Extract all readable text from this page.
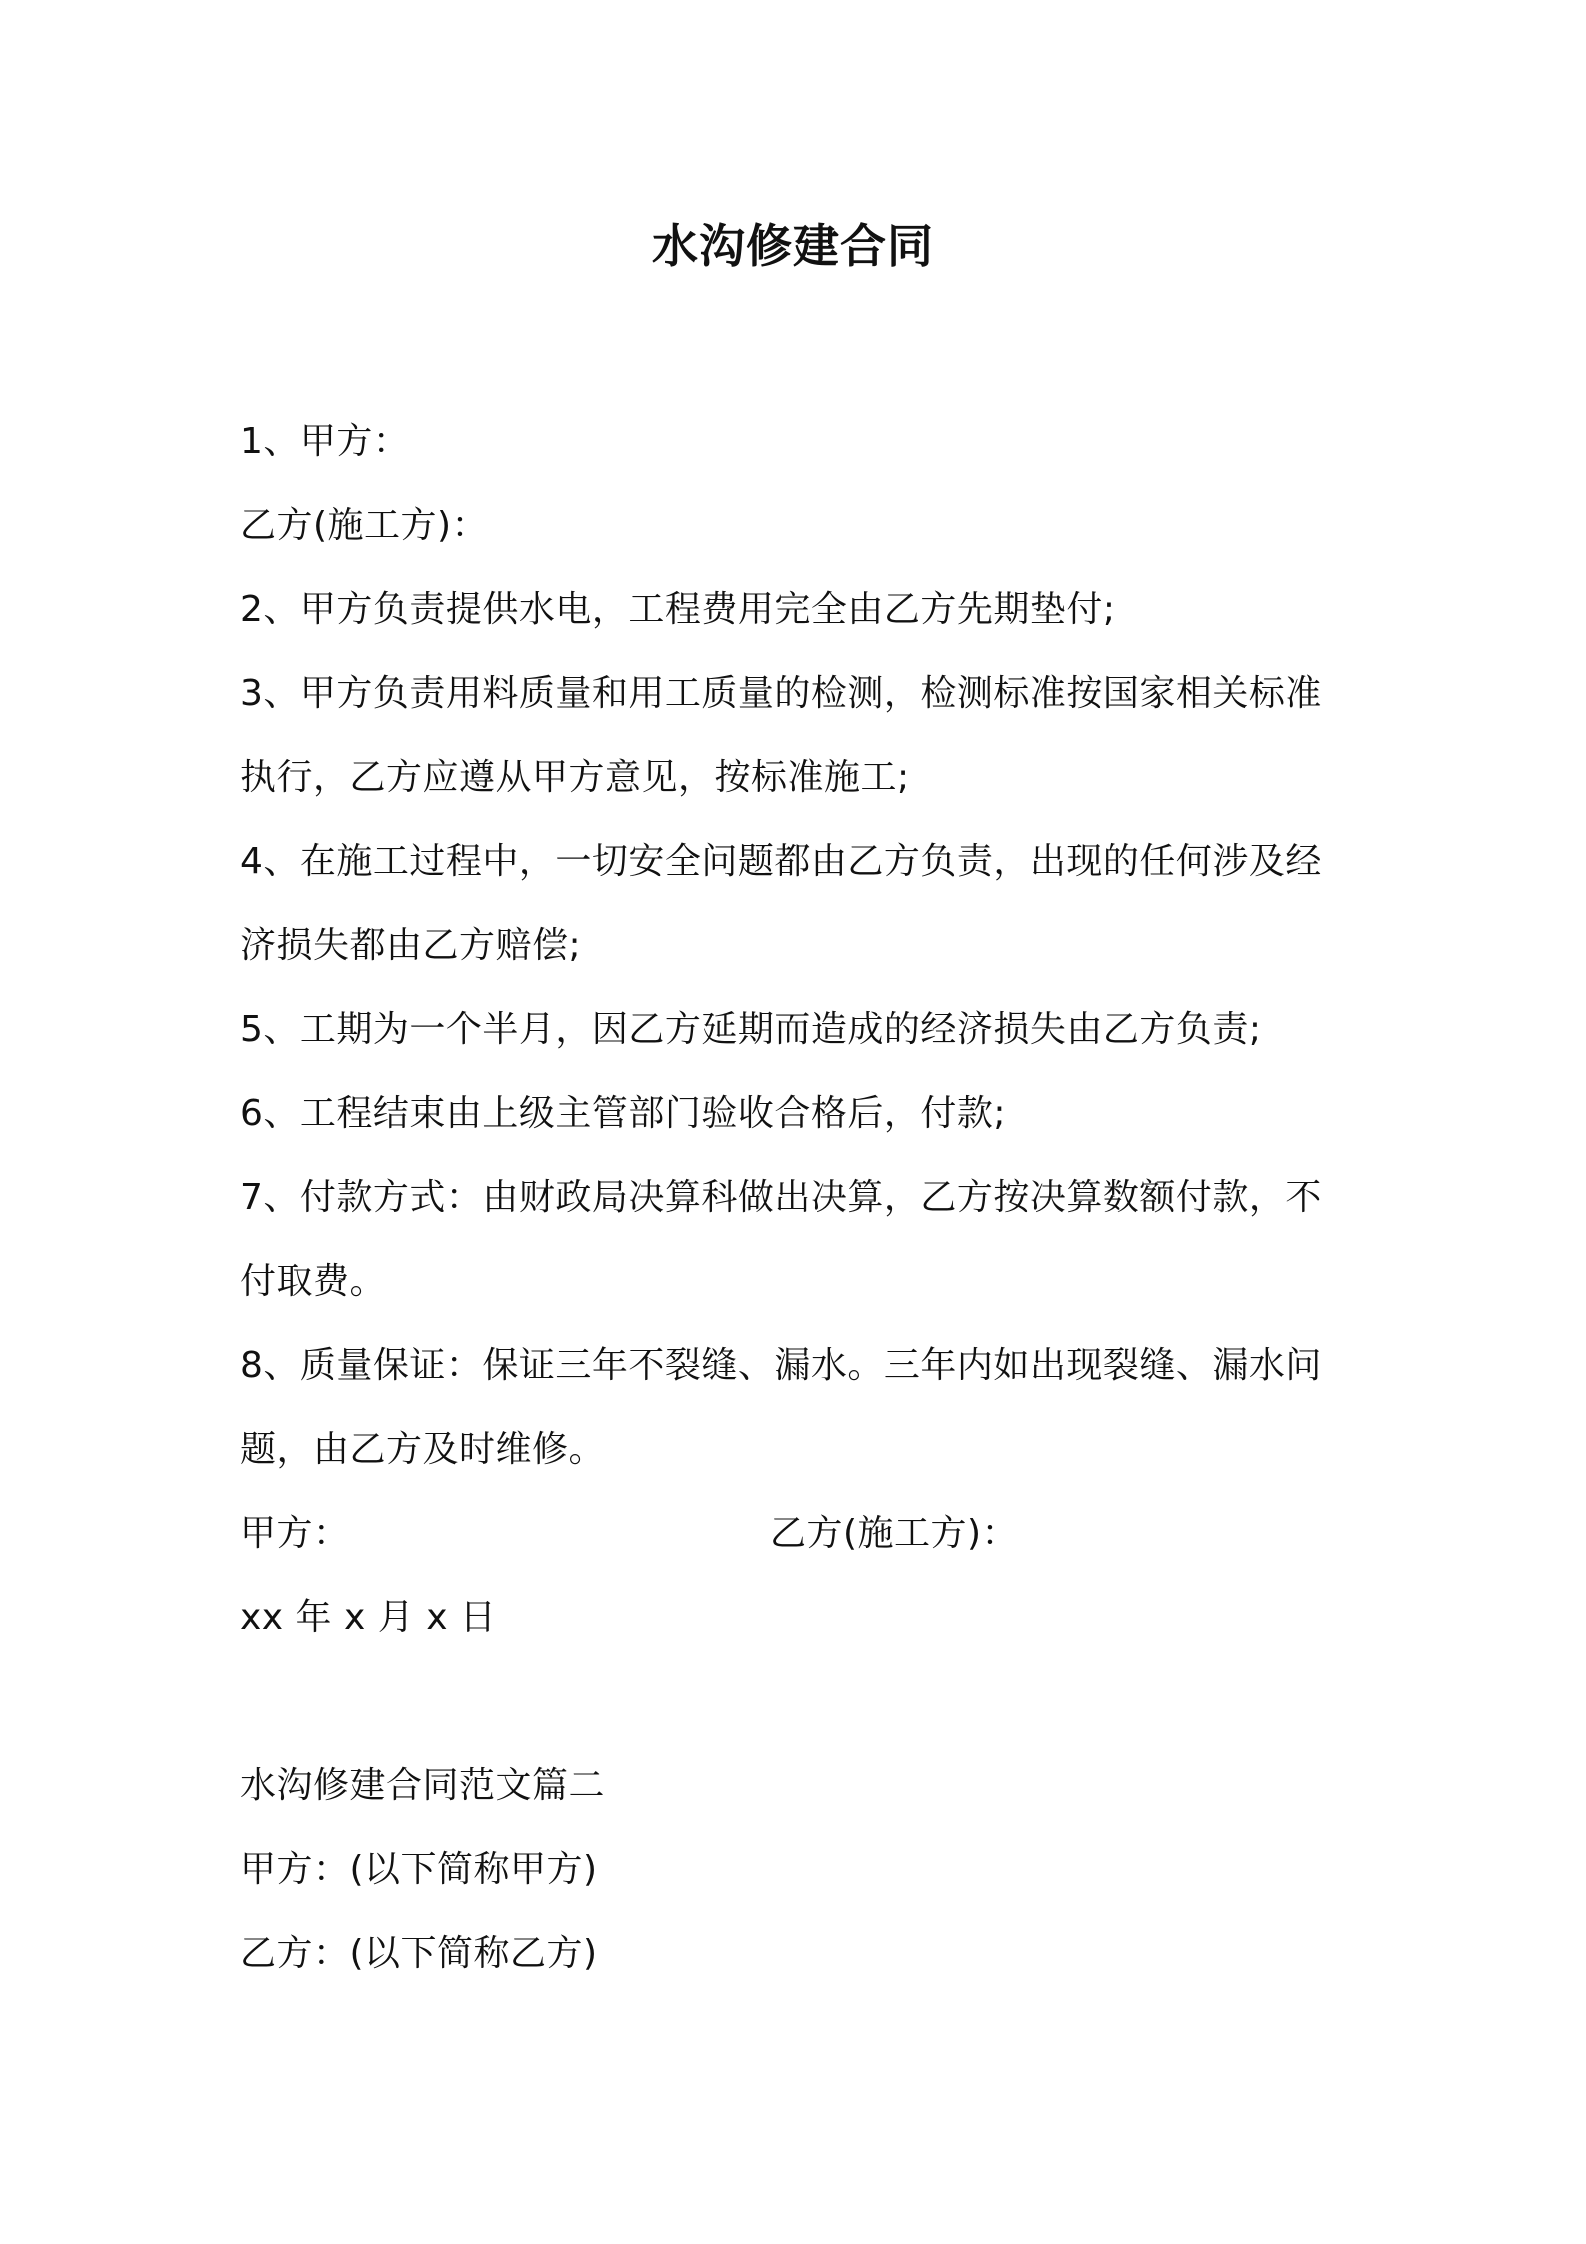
水沟修建合同
1、甲方：
乙方(施工方)：
2、甲方负责提供水电，工程费用完全由乙方先期垫付;
3、甲方负责用料质量和用工质量的检测，检测标准按国家相关标准
执行，乙方应遵从甲方意见，按标准施工;
4、在施工过程中，一切安全问题都由乙方负责，出现的任何涉及经
济损失都由乙方赔偿;
5、工期为一个半月，因乙方延期而造成的经济损失由乙方负责;
6、工程结束由上级主管部门验收合格后，付款;
7、付款方式：由财政局决算科做出决算，乙方按决算数额付款，不
付取费。
8、质量保证：保证三年不裂缝、漏水。三年内如出现裂缝、漏水问
题，由乙方及时维修。
甲方：	乙方(施工方)：
xx 年 x 月 x 日
水沟修建合同范文篇二
甲方：(以下简称甲方)
乙方：(以下简称乙方)
